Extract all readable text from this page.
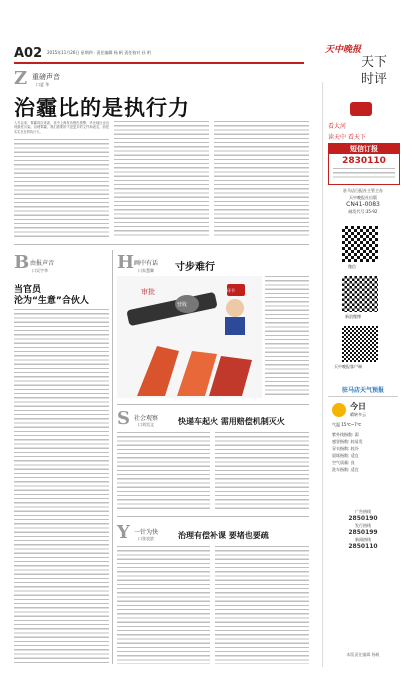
A02 2015年11月26日 星期四 · 责任编辑 杨 帆 责任校对 孙 明	天中晚报
天下
时评
Z 重磅声音
口夏 华
治霾比的是执行力
入冬以来，雾霾再次来袭，其中上海发布橙色预警，华北地区也出现重度污染。治理雾霾，我们需要的不是更多的文件和表态，而是实实在在的执行力。
B 由报声音
口吴宇华
当官员
沦为“生意”合伙人
H 画中有话
口朱慧卿 寸步难行
审批
营收
环节
S 社会观察
口刘昊文	快递车起火 需用赔偿机制灭火
Y 一针为快
口张衷滨	治理有偿补课 要堵也要疏
看大河
读天中 看天下
短信订报
2830110
驻马店日报社主管主办
天中晚报社出版
CN41-0083
邮发代号:35-92
微信
新浪微博
天中晚报客户端
驻马店天气预报
今日
晴转多云
气温 15℃~7℃
紫外线指数: 弱
感冒指数: 较易发
穿衣指数: 较冷
晨练指数: 适宜
空气质量: 良
洗车指数: 适宜
广告热线
2850190
发行热线
2850199
新闻热线
2850110
本版责任编辑 杨帆
